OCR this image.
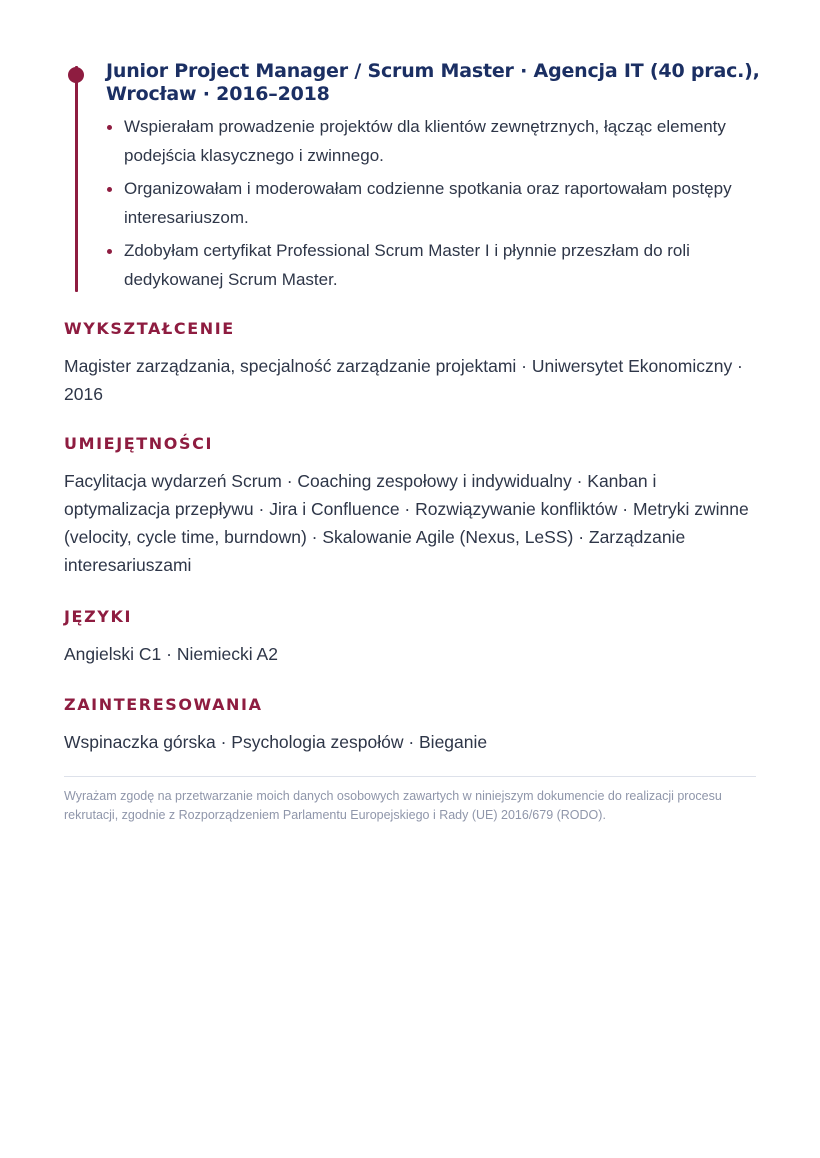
Junior Project Manager / Scrum Master · Agencja IT (40 prac.), Wrocław · 2016–2018
Wspierałam prowadzenie projektów dla klientów zewnętrznych, łącząc elementy podejścia klasycznego i zwinnego.
Organizowałam i moderowałam codzienne spotkania oraz raportowałam postępy interesariuszom.
Zdobyłam certyfikat Professional Scrum Master I i płynnie przeszłam do roli dedykowanej Scrum Master.
WYKSZTAŁCENIE

Magister zarządzania, specjalność zarządzanie projektami · Uniwersytet Ekonomiczny · 2016

UMIEJĘTNOŚCI

Facylitacja wydarzeń Scrum · Coaching zespołowy i indywidualny · Kanban i optymalizacja przepływu · Jira i Confluence · Rozwiązywanie konfliktów · Metryki zwinne (velocity, cycle time, burndown) · Skalowanie Agile (Nexus, LeSS) · Zarządzanie interesariuszami

JĘZYKI

Angielski C1 · Niemiecki A2

ZAINTERESOWANIA

Wspinaczka górska · Psychologia zespołów · Bieganie

Wyrażam zgodę na przetwarzanie moich danych osobowych zawartych w niniejszym dokumencie do realizacji procesu rekrutacji, zgodnie z Rozporządzeniem Parlamentu Europejskiego i Rady (UE) 2016/679 (RODO).
